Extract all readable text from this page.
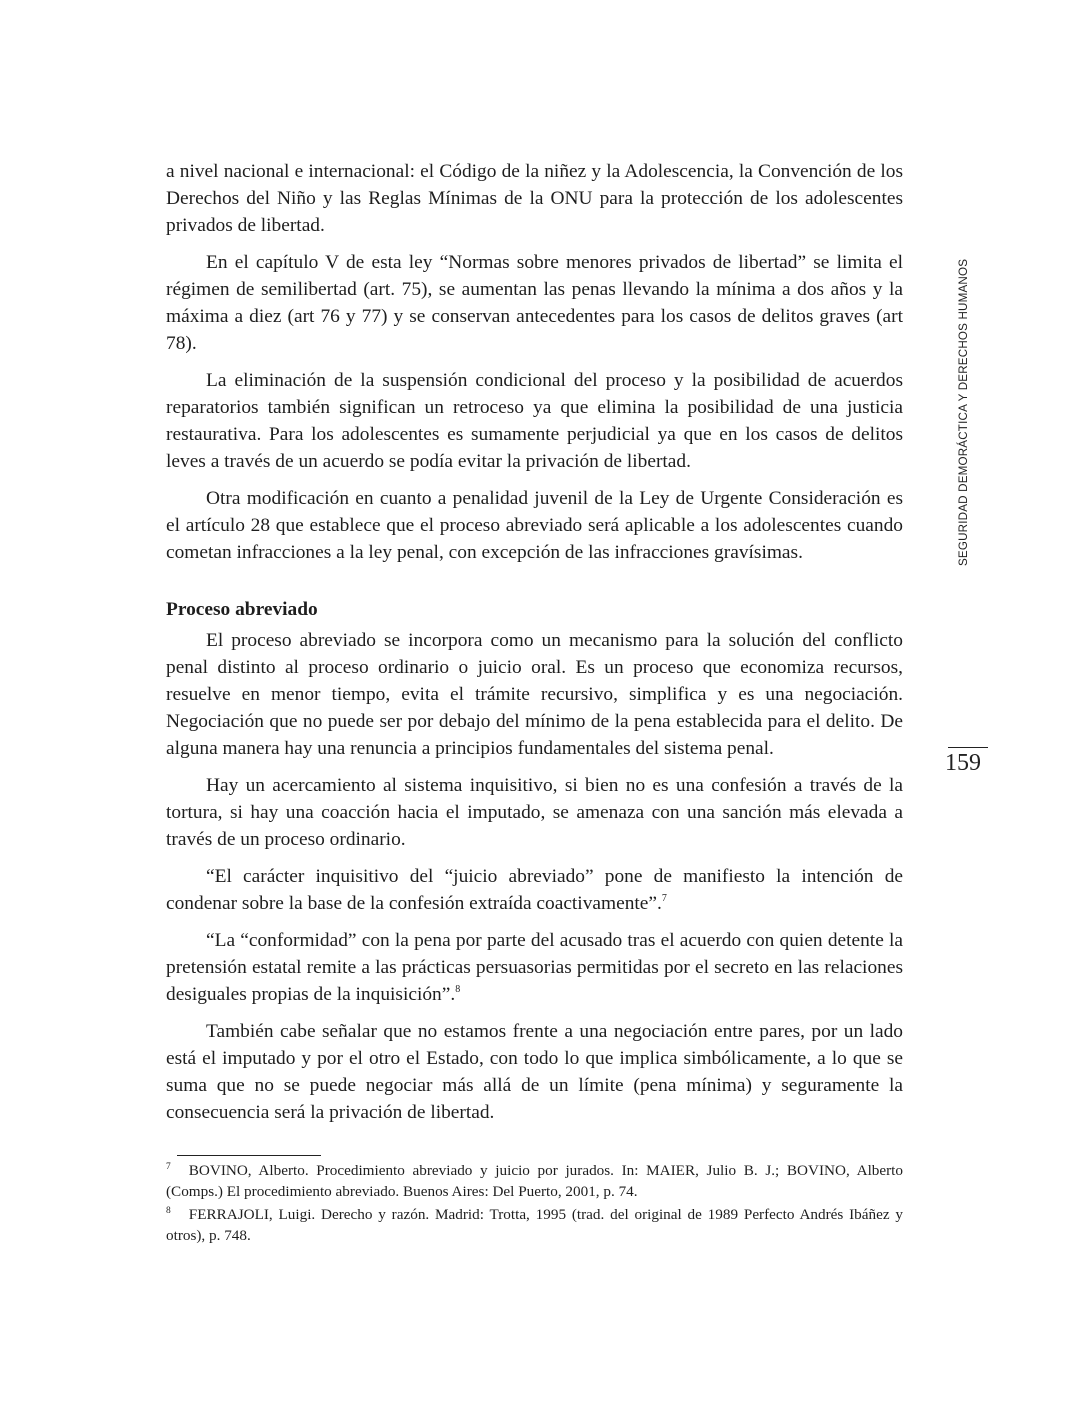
a nivel nacional e internacional: el Código de la niñez y la Adolescencia, la Convención de los Derechos del Niño y las Reglas Mínimas de la ONU para la protección de los adolescentes privados de libertad.

En el capítulo V de esta ley “Normas sobre menores privados de libertad” se limita el régimen de semilibertad (art. 75), se aumentan las penas llevando la mínima a dos años y la máxima a diez (art 76 y 77) y se conservan antecedentes para los casos de delitos graves (art 78).

La eliminación de la suspensión condicional del proceso y la posibilidad de acuerdos reparatorios también significan un retroceso ya que elimina la posibilidad de una justicia restaurativa. Para los adolescentes es sumamente perjudicial ya que en los casos de delitos leves a través de un acuerdo se podía evitar la privación de libertad.

Otra modificación en cuanto a penalidad juvenil de la Ley de Urgente Consideración es el artículo 28 que establece que el proceso abreviado será aplicable a los adolescentes cuando cometan infracciones a la ley penal, con excepción de las infracciones gravísimas.

Proceso abreviado

El proceso abreviado se incorpora como un mecanismo para la solución del conflicto penal distinto al proceso ordinario o juicio oral. Es un proceso que economiza recursos, resuelve en menor tiempo, evita el trámite recursivo, simplifica y es una negociación. Negociación que no puede ser por debajo del mínimo de la pena establecida para el delito. De alguna manera hay una renuncia a principios fundamentales del sistema penal.

Hay un acercamiento al sistema inquisitivo, si bien no es una confesión a través de la tortura, si hay una coacción hacia el imputado, se amenaza con una sanción más elevada a través de un proceso ordinario.

“El carácter inquisitivo del “juicio abreviado” pone de manifiesto la intención de condenar sobre la base de la confesión extraída coactivamente”.$^7$

“La “conformidad” con la pena por parte del acusado tras el acuerdo con quien detente la pretensión estatal remite a las prácticas persuasorias permitidas por el secreto en las relaciones desiguales propias de la inquisición”.$^8$

También cabe señalar que no estamos frente a una negociación entre pares, por un lado está el imputado y por el otro el Estado, con todo lo que implica simbólicamente, a lo que se suma que no se puede negociar más allá de un límite (pena mínima) y seguramente la consecuencia será la privación de libertad.

$^7$ BOVINO, Alberto. Procedimiento abreviado y juicio por jurados. In: MAIER, Julio B. J.; BOVINO, Alberto (Comps.) El procedimiento abreviado. Buenos Aires: Del Puerto, 2001, p. 74.
$^8$ FERRAJOLI, Luigi. Derecho y razón. Madrid: Trotta, 1995 (trad. del original de 1989 Perfecto Andrés Ibáñez y otros), p. 748.
SEGURIDAD DEMORÁCTICA Y DERECHOS HUMANOS
159
